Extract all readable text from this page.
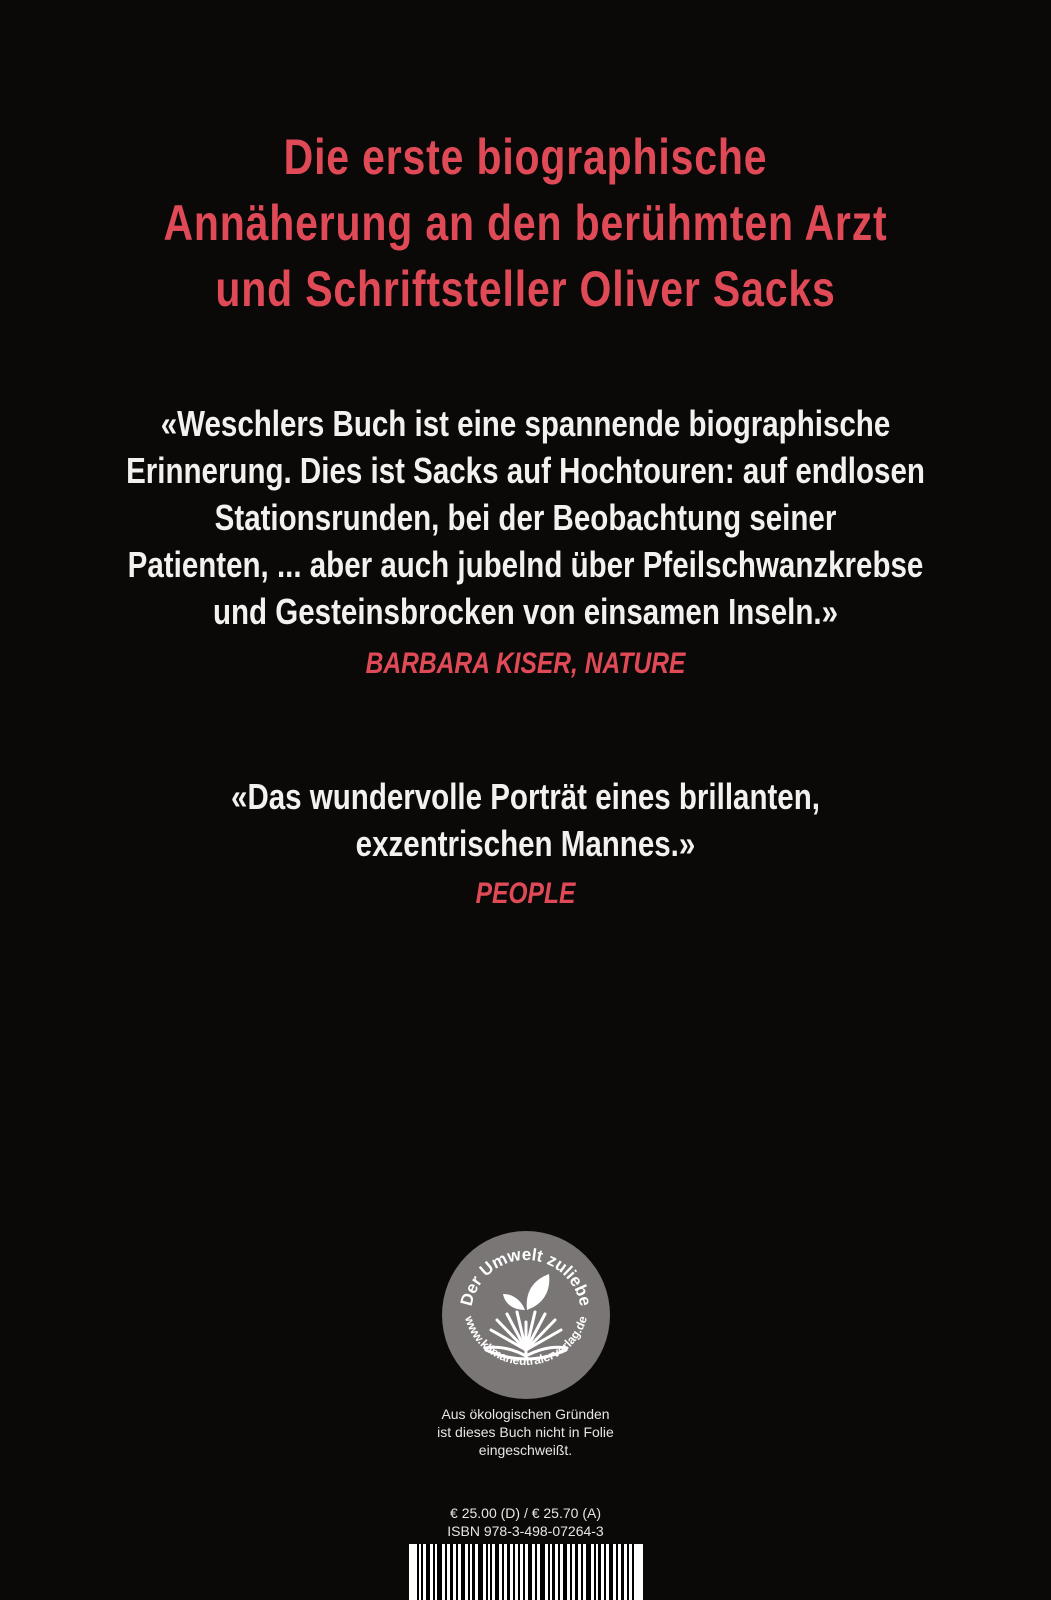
Die erste biographische
Annäherung an den berühmten Arzt
und Schriftsteller Oliver Sacks
«Weschlers Buch ist eine spannende biographische
Erinnerung. Dies ist Sacks auf Hochtouren: auf endlosen
Stationsrunden, bei der Beobachtung seiner
Patienten, ... aber auch jubelnd über Pfeilschwanzkrebse
und Gesteinsbrocken von einsamen Inseln.»
BARBARA KISER, NATURE
«Das wundervolle Porträt eines brillanten,
exzentrischen Mannes.»
PEOPLE
Der Umwelt zuliebe
www.klimaneutralerverlag.de
Aus ökologischen Gründen
ist dieses Buch nicht in Folie
eingeschweißt.
€ 25.00 (D) / € 25.70 (A)
ISBN 978-3-498-07264-3
